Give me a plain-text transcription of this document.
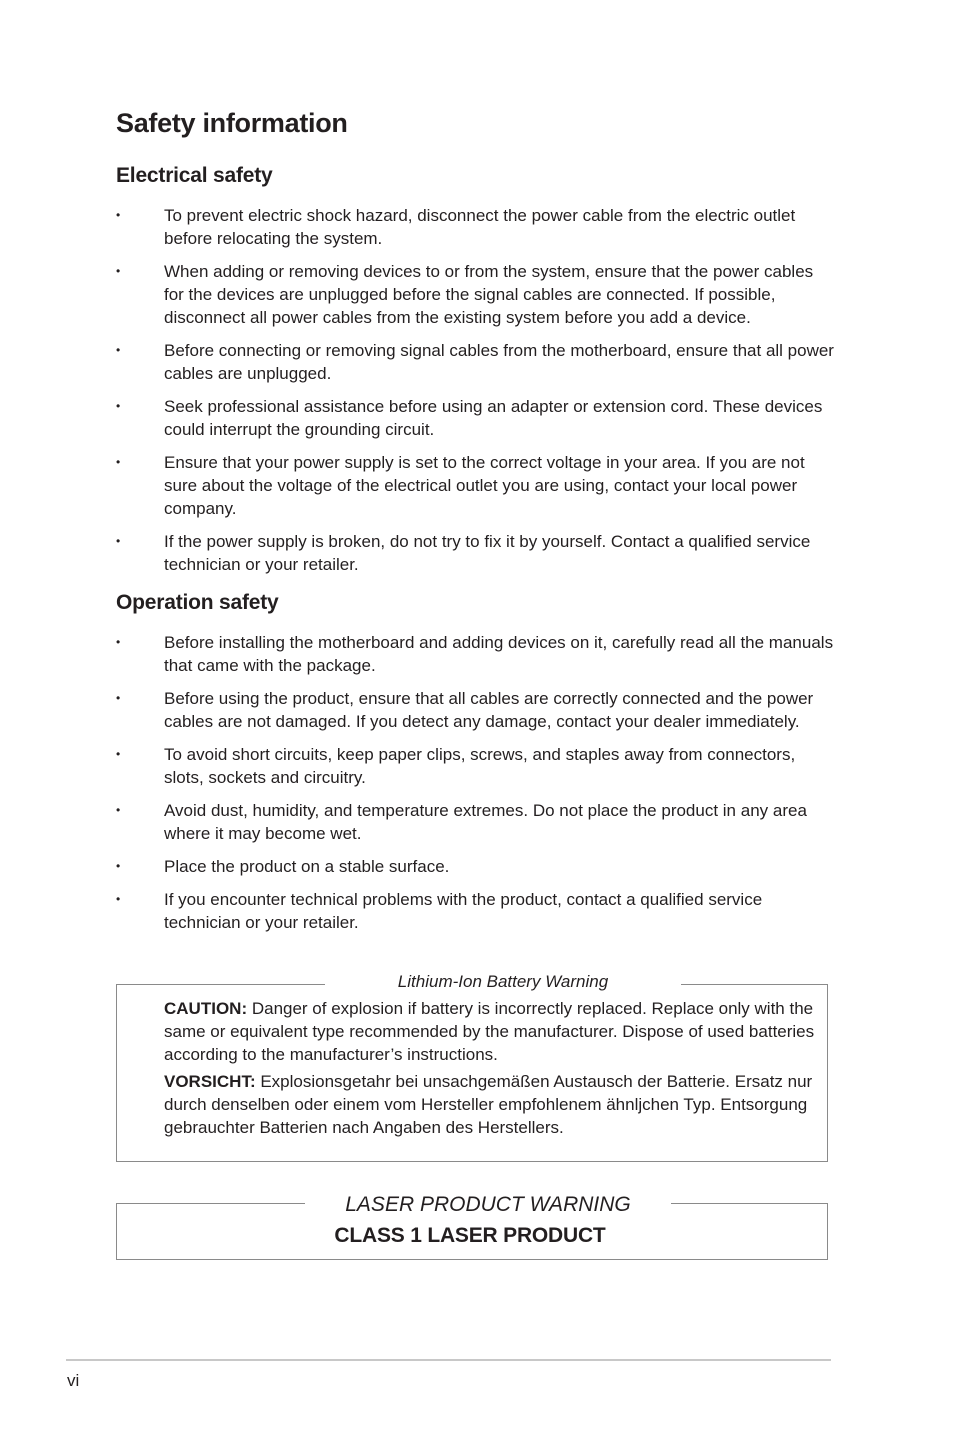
Safety information
Electrical safety
•	To prevent electric shock hazard, disconnect the power cable from the electric outlet before relocating the system.
•	When adding or removing devices to or from the system, ensure that the power cables for the devices are unplugged before the signal cables are connected. If possible, disconnect all power cables from the existing system before you add a device.
•	Before connecting or removing signal cables from the motherboard, ensure that all power cables are unplugged.
•	Seek professional assistance before using an adapter or extension cord. These devices could interrupt the grounding circuit.
•	Ensure that your power supply is set to the correct voltage in your area. If you are not sure about the voltage of the electrical outlet you are using, contact your local power company.
•	If the power supply is broken, do not try to fix it by yourself. Contact a qualified service technician or your retailer.
Operation safety
•	Before installing the motherboard and adding devices on it, carefully read all the manuals that came with the package.
•	Before using the product, ensure that all cables are correctly connected and the power cables are not damaged. If you detect any damage, contact your dealer immediately.
•	To avoid short circuits, keep paper clips, screws, and staples away from connectors, slots, sockets and circuitry.
•	Avoid dust, humidity, and temperature extremes. Do not place the product in any area where it may become wet.
•	Place the product on a stable surface.
•	If you encounter technical problems with the product, contact a qualified service technician or your retailer.
Lithium-Ion Battery Warning
CAUTION: Danger of explosion if battery is incorrectly replaced. Replace only with the same or equivalent type recommended by the manufacturer. Dispose of used batteries according to the manufacturer’s instructions.
VORSICHT: Explosionsgetahr bei unsachgemäßen Austausch der Batterie. Ersatz nur durch denselben oder einem vom Hersteller empfohlenem ähnljchen Typ. Entsorgung gebrauchter Batterien nach Angaben des Herstellers.
LASER PRODUCT WARNING
CLASS 1 LASER PRODUCT
vi
